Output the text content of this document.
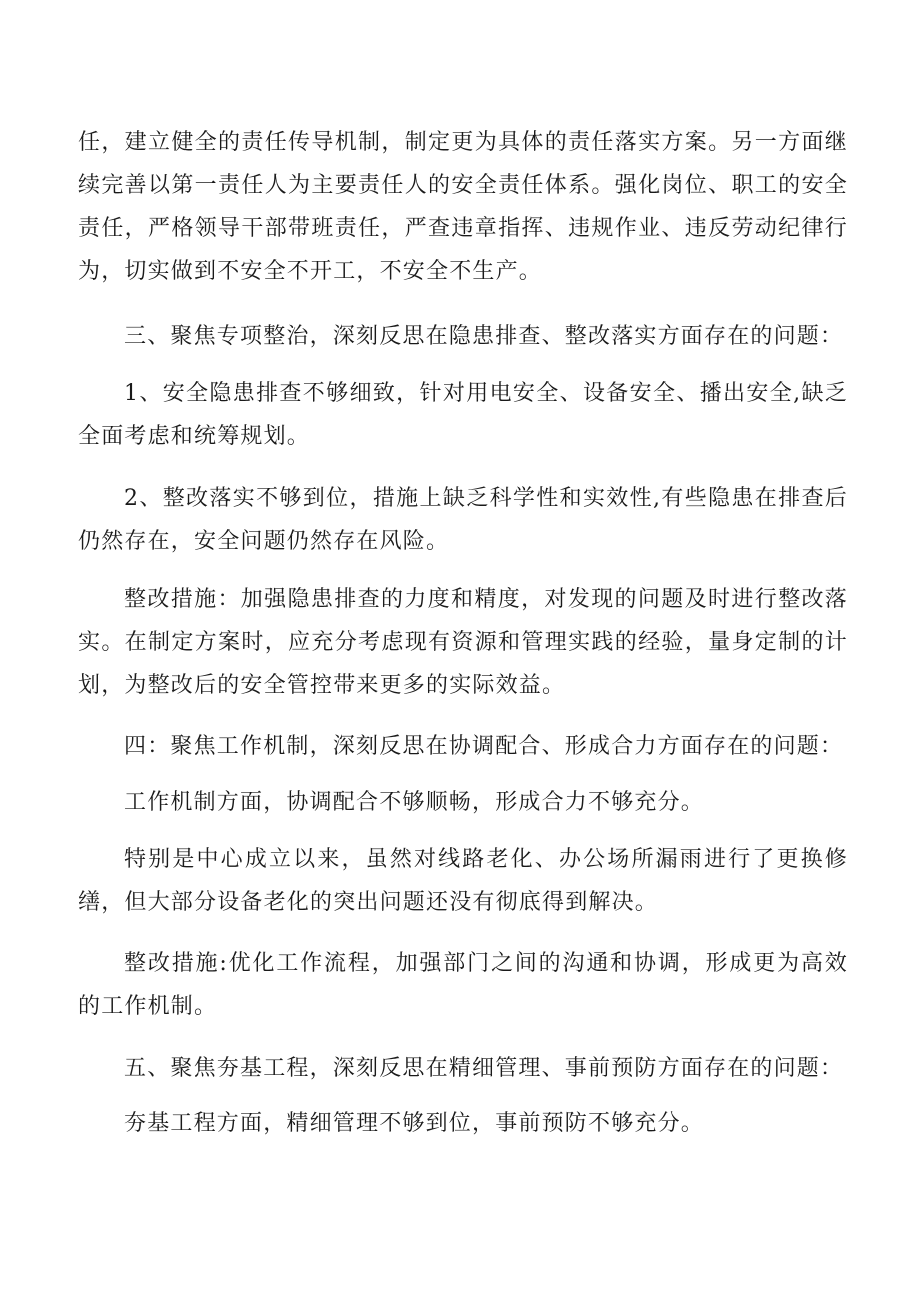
任，建立健全的责任传导机制，制定更为具体的责任落实方案。另一方面继续完善以第一责任人为主要责任人的安全责任体系。强化岗位、职工的安全责任，严格领导干部带班责任，严查违章指挥、违规作业、违反劳动纪律行为，切实做到不安全不开工，不安全不生产。

三、聚焦专项整治，深刻反思在隐患排查、整改落实方面存在的问题：

1、安全隐患排查不够细致，针对用电安全、设备安全、播出安全,缺乏全面考虑和统筹规划。

2、整改落实不够到位，措施上缺乏科学性和实效性,有些隐患在排查后仍然存在，安全问题仍然存在风险。

整改措施：加强隐患排查的力度和精度，对发现的问题及时进行整改落实。在制定方案时，应充分考虑现有资源和管理实践的经验，量身定制的计划，为整改后的安全管控带来更多的实际效益。

四：聚焦工作机制，深刻反思在协调配合、形成合力方面存在的问题：

工作机制方面，协调配合不够顺畅，形成合力不够充分。

特别是中心成立以来，虽然对线路老化、办公场所漏雨进行了更换修缮，但大部分设备老化的突出问题还没有彻底得到解决。

整改措施:优化工作流程，加强部门之间的沟通和协调，形成更为高效的工作机制。

五、聚焦夯基工程，深刻反思在精细管理、事前预防方面存在的问题：

夯基工程方面，精细管理不够到位，事前预防不够充分。
